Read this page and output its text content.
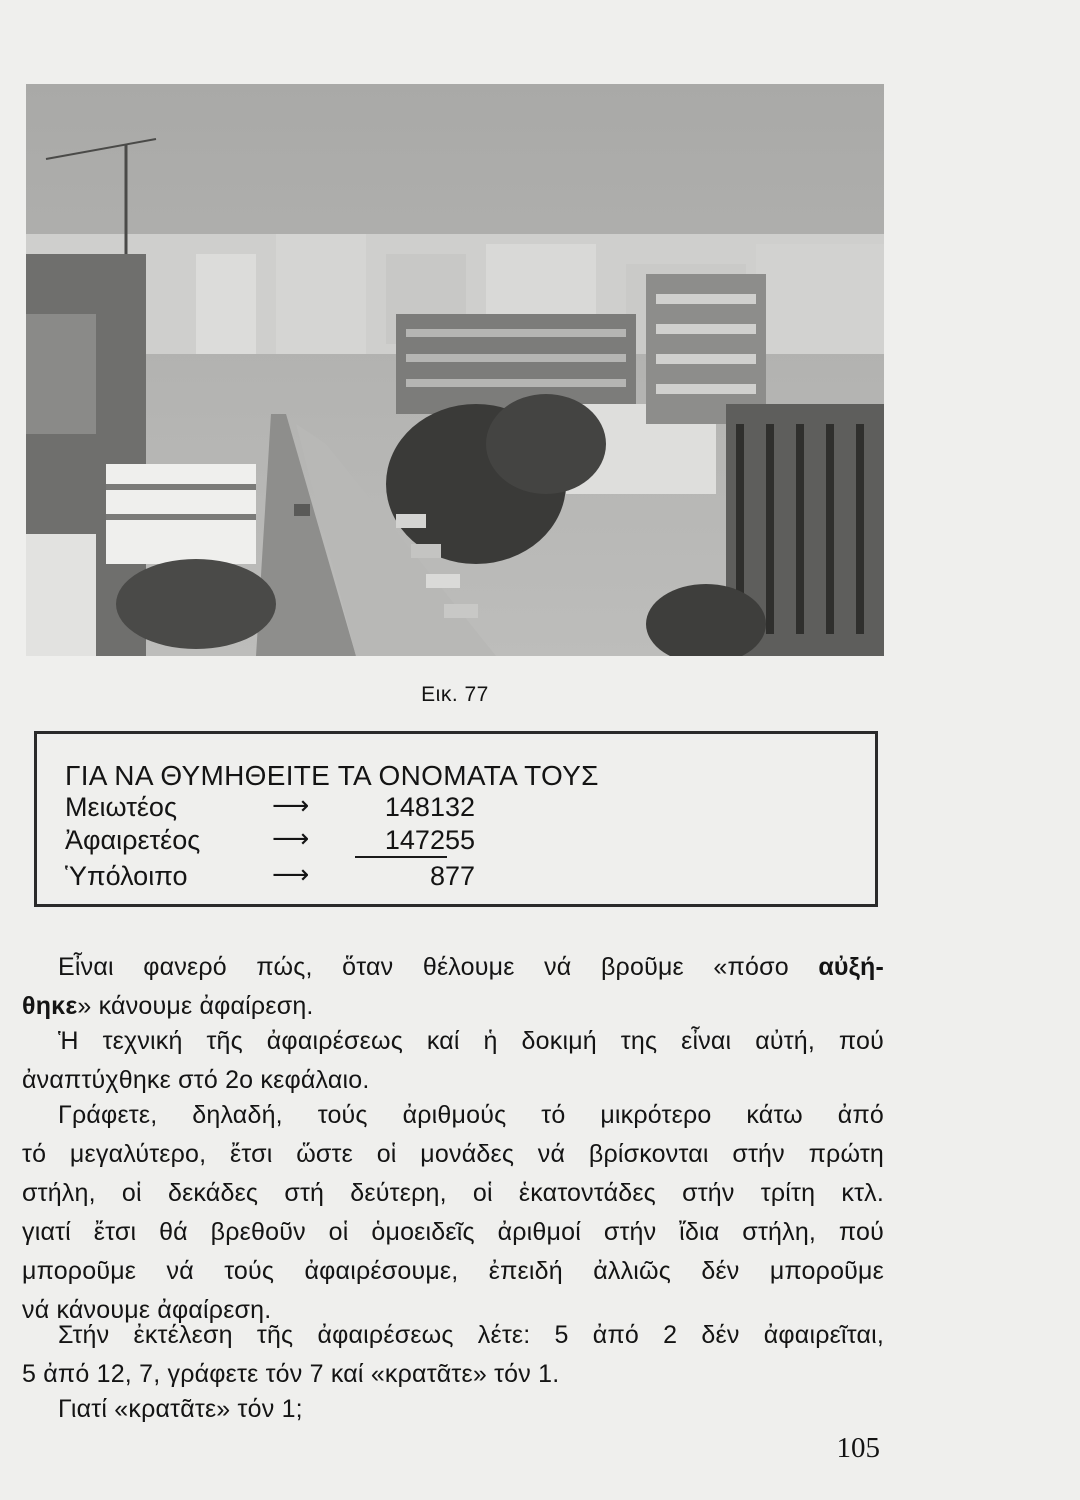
Εικ. 77
ΓΙΑ ΝΑ ΘΥΜΗΘΕΙΤΕ ΤΑ ΟΝΟΜΑΤΑ ΤΟΥΣ
Μειωτέος	⟶	148132
Ἀφαιρετέος	⟶	147255
Ὑπόλοιπο	⟶	877
Εἶναι φανερό πώς, ὅταν θέλουμε νά βροῦμε «πόσο αὐξή-
θηκε» κάνουμε ἀφαίρεση.
Ἡ τεχνική τῆς ἀφαιρέσεως καί ἡ δοκιμή της εἶναι αὐτή, πού
ἀναπτύχθηκε στό 2ο κεφάλαιο.
Γράφετε, δηλαδή, τούς ἀριθμούς τό μικρότερο κάτω ἀπό
τό μεγαλύτερο, ἔτσι ὥστε οἱ μονάδες νά βρίσκονται στήν πρώτη
στήλη, οἱ δεκάδες στή δεύτερη, οἱ ἑκατοντάδες στήν τρίτη κτλ.
γιατί ἔτσι θά βρεθοῦν οἱ ὁμοειδεῖς ἀριθμοί στήν ἴδια στήλη, πού
μποροῦμε νά τούς ἀφαιρέσουμε, ἐπειδή ἀλλιῶς δέν μποροῦμε
νά κάνουμε ἀφαίρεση.
Στήν ἐκτέλεση τῆς ἀφαιρέσεως λέτε: 5 ἀπό 2 δέν ἀφαιρεῖται,
5 ἀπό 12, 7, γράφετε τόν 7 καί «κρατᾶτε» τόν 1.
Γιατί «κρατᾶτε» τόν 1;
105
